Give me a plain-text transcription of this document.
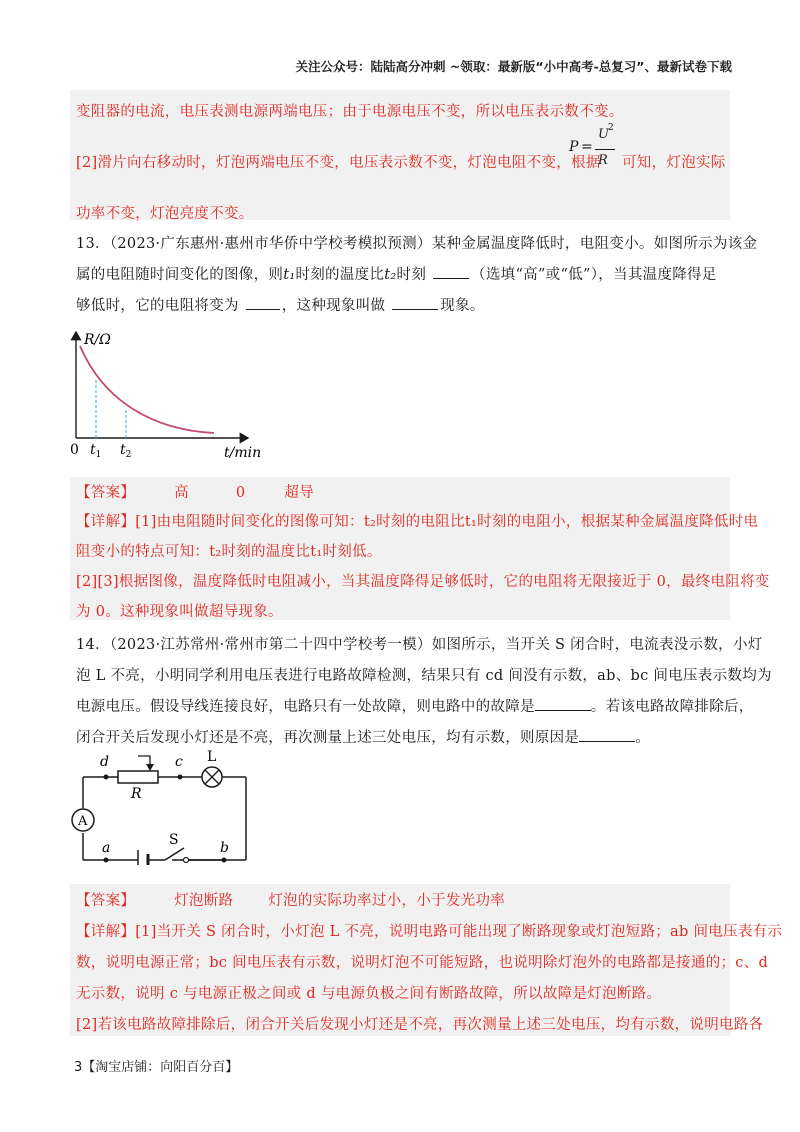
关注公众号：陆陆高分冲刺 ~领取：最新版“小中高考-总复习”、最新试卷下载
变阻器的电流，电压表测电源两端电压；由于电源电压不变，所以电压表示数不变。
[2]滑片向右移动时，灯泡两端电压不变，电压表示数不变，灯泡电阻不变，根据
P =
U 2
R 可知，灯泡实际
功率不变，灯泡亮度不变。
13．（2023·广东惠州·惠州市华侨中学校考模拟预测）某种金属温度降低时，电阻变小。如图所示为该金
属的电阻随时间变化的图像，则t₁时刻的温度比t₂时刻	（选填“高”或“低”），当其温度降得足
够低时，它的电阻将变为	，这种现象叫做	现象。
R/Ω
0 $t_1$ $t_2$	t/min
【答案】	高	0	超导
【详解】[1]由电阻随时间变化的图像可知：t₂时刻的电阻比t₁时刻的电阻小，根据某种金属温度降低时电
阻变小的特点可知：t₂时刻的温度比t₁时刻低。
[2][3]根据图像，温度降低时电阻减小，当其温度降得足够低时，它的电阻将无限接近于 0，最终电阻将变
为 0。这种现象叫做超导现象。
14．（2023·江苏常州·常州市第二十四中学校考一模）如图所示，当开关 S 闭合时，电流表没示数，小灯
泡 L 不亮，小明同学利用电压表进行电路故障检测，结果只有 cd 间没有示数，ab、bc 间电压表示数均为
电源电压。假设导线连接良好，电路只有一处故障，则电路中的故障是	。若该电路故障排除后，
闭合开关后发现小灯还是不亮，再次测量上述三处电压，均有示数，则原因是	。
d	c L
R
A
a	S	b
【答案】	灯泡断路 灯泡的实际功率过小，小于发光功率
【详解】[1]当开关 S 闭合时，小灯泡 L 不亮，说明电路可能出现了断路现象或灯泡短路；ab 间电压表有示
数，说明电源正常；bc 间电压表有示数，说明灯泡不可能短路，也说明除灯泡外的电路都是接通的；c、d
无示数，说明 c 与电源正极之间或 d 与电源负极之间有断路故障，所以故障是灯泡断路。
[2]若该电路故障排除后，闭合开关后发现小灯还是不亮，再次测量上述三处电压，均有示数，说明电路各
3【淘宝店铺：向阳百分百】
